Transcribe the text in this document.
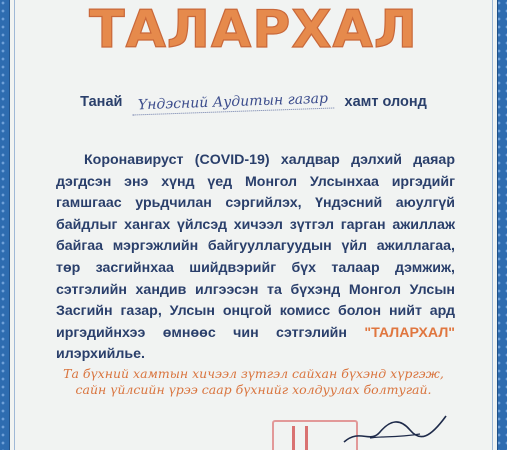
ТАЛАРХАЛ
Танай Үндэсний Аудитын газар хамт олонд
Коронавируст (COVID-19) халдвар дэлхий даяар дэгдсэн энэ хүнд үед Монгол Улсынхаа иргэдийг гамшгаас урьдчилан сэргийлэх, Үндэсний аюулгүй байдлыг хангах үйлсэд хичээл зүтгэл гарган ажиллаж байгаа мэргэжлийн байгууллагуудын үйл ажиллагаа, төр засгийнхаа шийдвэрийг бүх талаар дэмжиж, сэтгэлийн хандив илгээсэн та бүхэнд Монгол Улсын Засгийн газар, Улсын онцгой комисс болон нийт ард иргэдийнхээ өмнөөс чин сэтгэлийн "ТАЛАРХАЛ" илэрхийлье.
Та бүхний хамтын хичээл зүтгэл сайхан бүхэнд хүргэж,
сайн үйлсийн үрээ саар бүхнийг холдуулах болтугай.
